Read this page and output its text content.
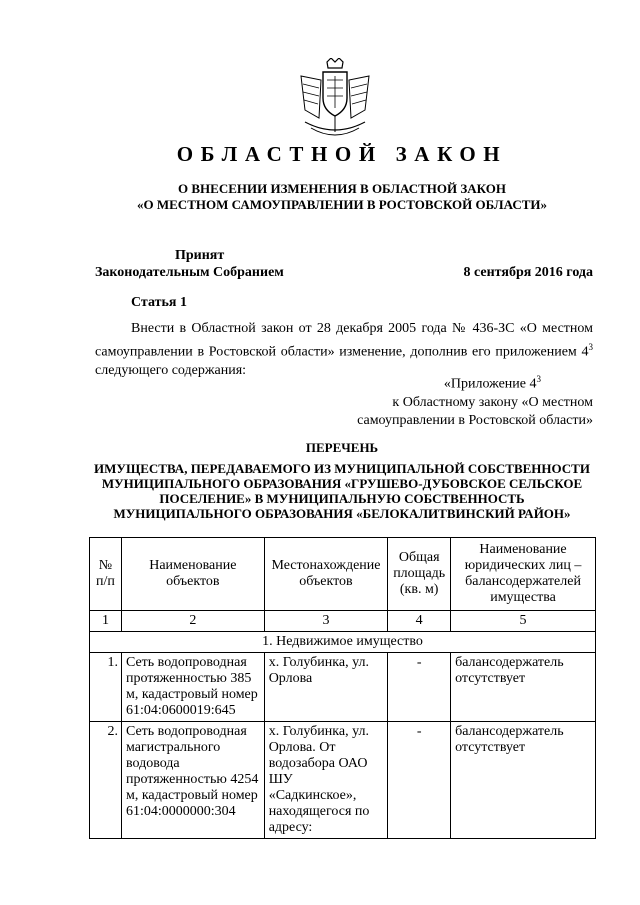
ОБЛАСТНОЙ ЗАКОН
О ВНЕСЕНИИ ИЗМЕНЕНИЯ В ОБЛАСТНОЙ ЗАКОН
«О МЕСТНОМ САМОУПРАВЛЕНИИ В РОСТОВСКОЙ ОБЛАСТИ»
Принят
Законодательным Собранием	8 сентября 2016 года
Статья 1
Внести в Областной закон от 28 декабря 2005 года № 436-ЗС «О местном самоуправлении в Ростовской области» изменение, дополнив его приложением $4^3$ следующего содержания:
«Приложение $4^3$
к Областному закону «О местном
самоуправлении в Ростовской области»
ПЕРЕЧЕНЬ
ИМУЩЕСТВА, ПЕРЕДАВАЕМОГО ИЗ МУНИЦИПАЛЬНОЙ СОБСТВЕННОСТИ
МУНИЦИПАЛЬНОГО ОБРАЗОВАНИЯ «ГРУШЕВО-ДУБОВСКОЕ СЕЛЬСКОЕ
ПОСЕЛЕНИЕ» В МУНИЦИПАЛЬНУЮ СОБСТВЕННОСТЬ
МУНИЦИПАЛЬНОГО ОБРАЗОВАНИЯ «БЕЛОКАЛИТВИНСКИЙ РАЙОН»
№ п/п	Наименование объектов	Местонахождение объектов	Общая площадь (кв. м)	Наименование юридических лиц – балансодержателей имущества
1	2	3	4	5
1. Недвижимое имущество				
1.	Сеть водопроводная протяженностью 385 м, кадастровый номер 61:04:0600019:645	х. Голубинка, ул. Орлова	-	балансодержатель отсутствует
2.	Сеть водопроводная магистрального водовода протяженностью 4254 м, кадастровый номер 61:04:0000000:304	х. Голубинка, ул. Орлова. От водозабора ОАО ШУ «Садкинское», находящегося по адресу:	-	балансодержатель отсутствует
